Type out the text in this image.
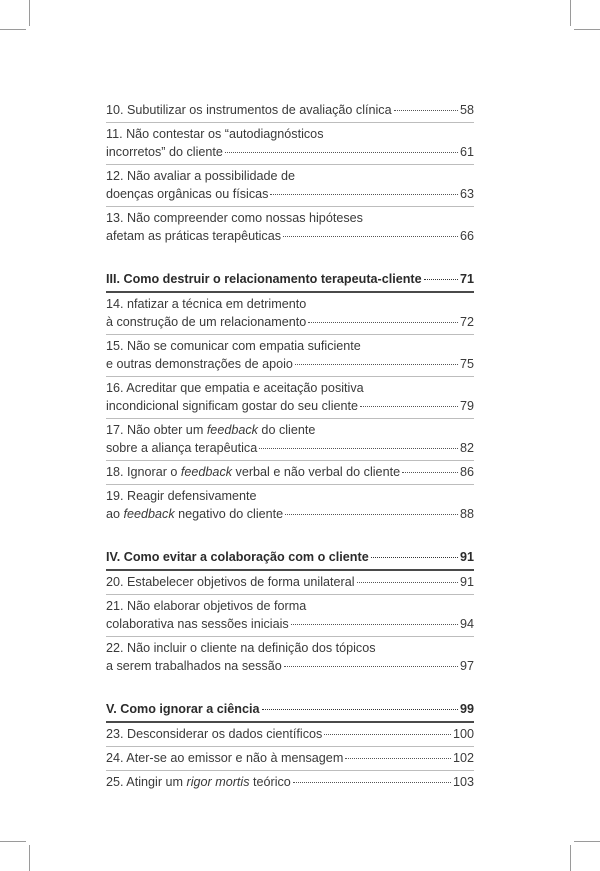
10. Subutilizar os instrumentos de avaliação clínica	58
11. Não contestar os “autodiagnósticos
incorretos” do cliente	61
12. Não avaliar a possibilidade de
doenças orgânicas ou físicas	63
13. Não compreender como nossas hipóteses
afetam as práticas terapêuticas	66
III. Como destruir o relacionamento terapeuta-cliente	71
14. nfatizar a técnica em detrimento
à construção de um relacionamento	72
15. Não se comunicar com empatia suficiente
e outras demonstrações de apoio	75
16. Acreditar que empatia e aceitação positiva
incondicional significam gostar do seu cliente	79
17. Não obter um feedback do cliente
sobre a aliança terapêutica	82
18. Ignorar o feedback verbal e não verbal do cliente	86
19. Reagir defensivamente
ao feedback negativo do cliente	88
IV. Como evitar a colaboração com o cliente	91
20. Estabelecer objetivos de forma unilateral	91
21. Não elaborar objetivos de forma
colaborativa nas sessões iniciais	94
22. Não incluir o cliente na definição dos tópicos
a serem trabalhados na sessão	97
V. Como ignorar a ciência	99
23. Desconsiderar os dados científicos	100
24. Ater-se ao emissor e não à mensagem	102
25. Atingir um rigor mortis teórico	103
